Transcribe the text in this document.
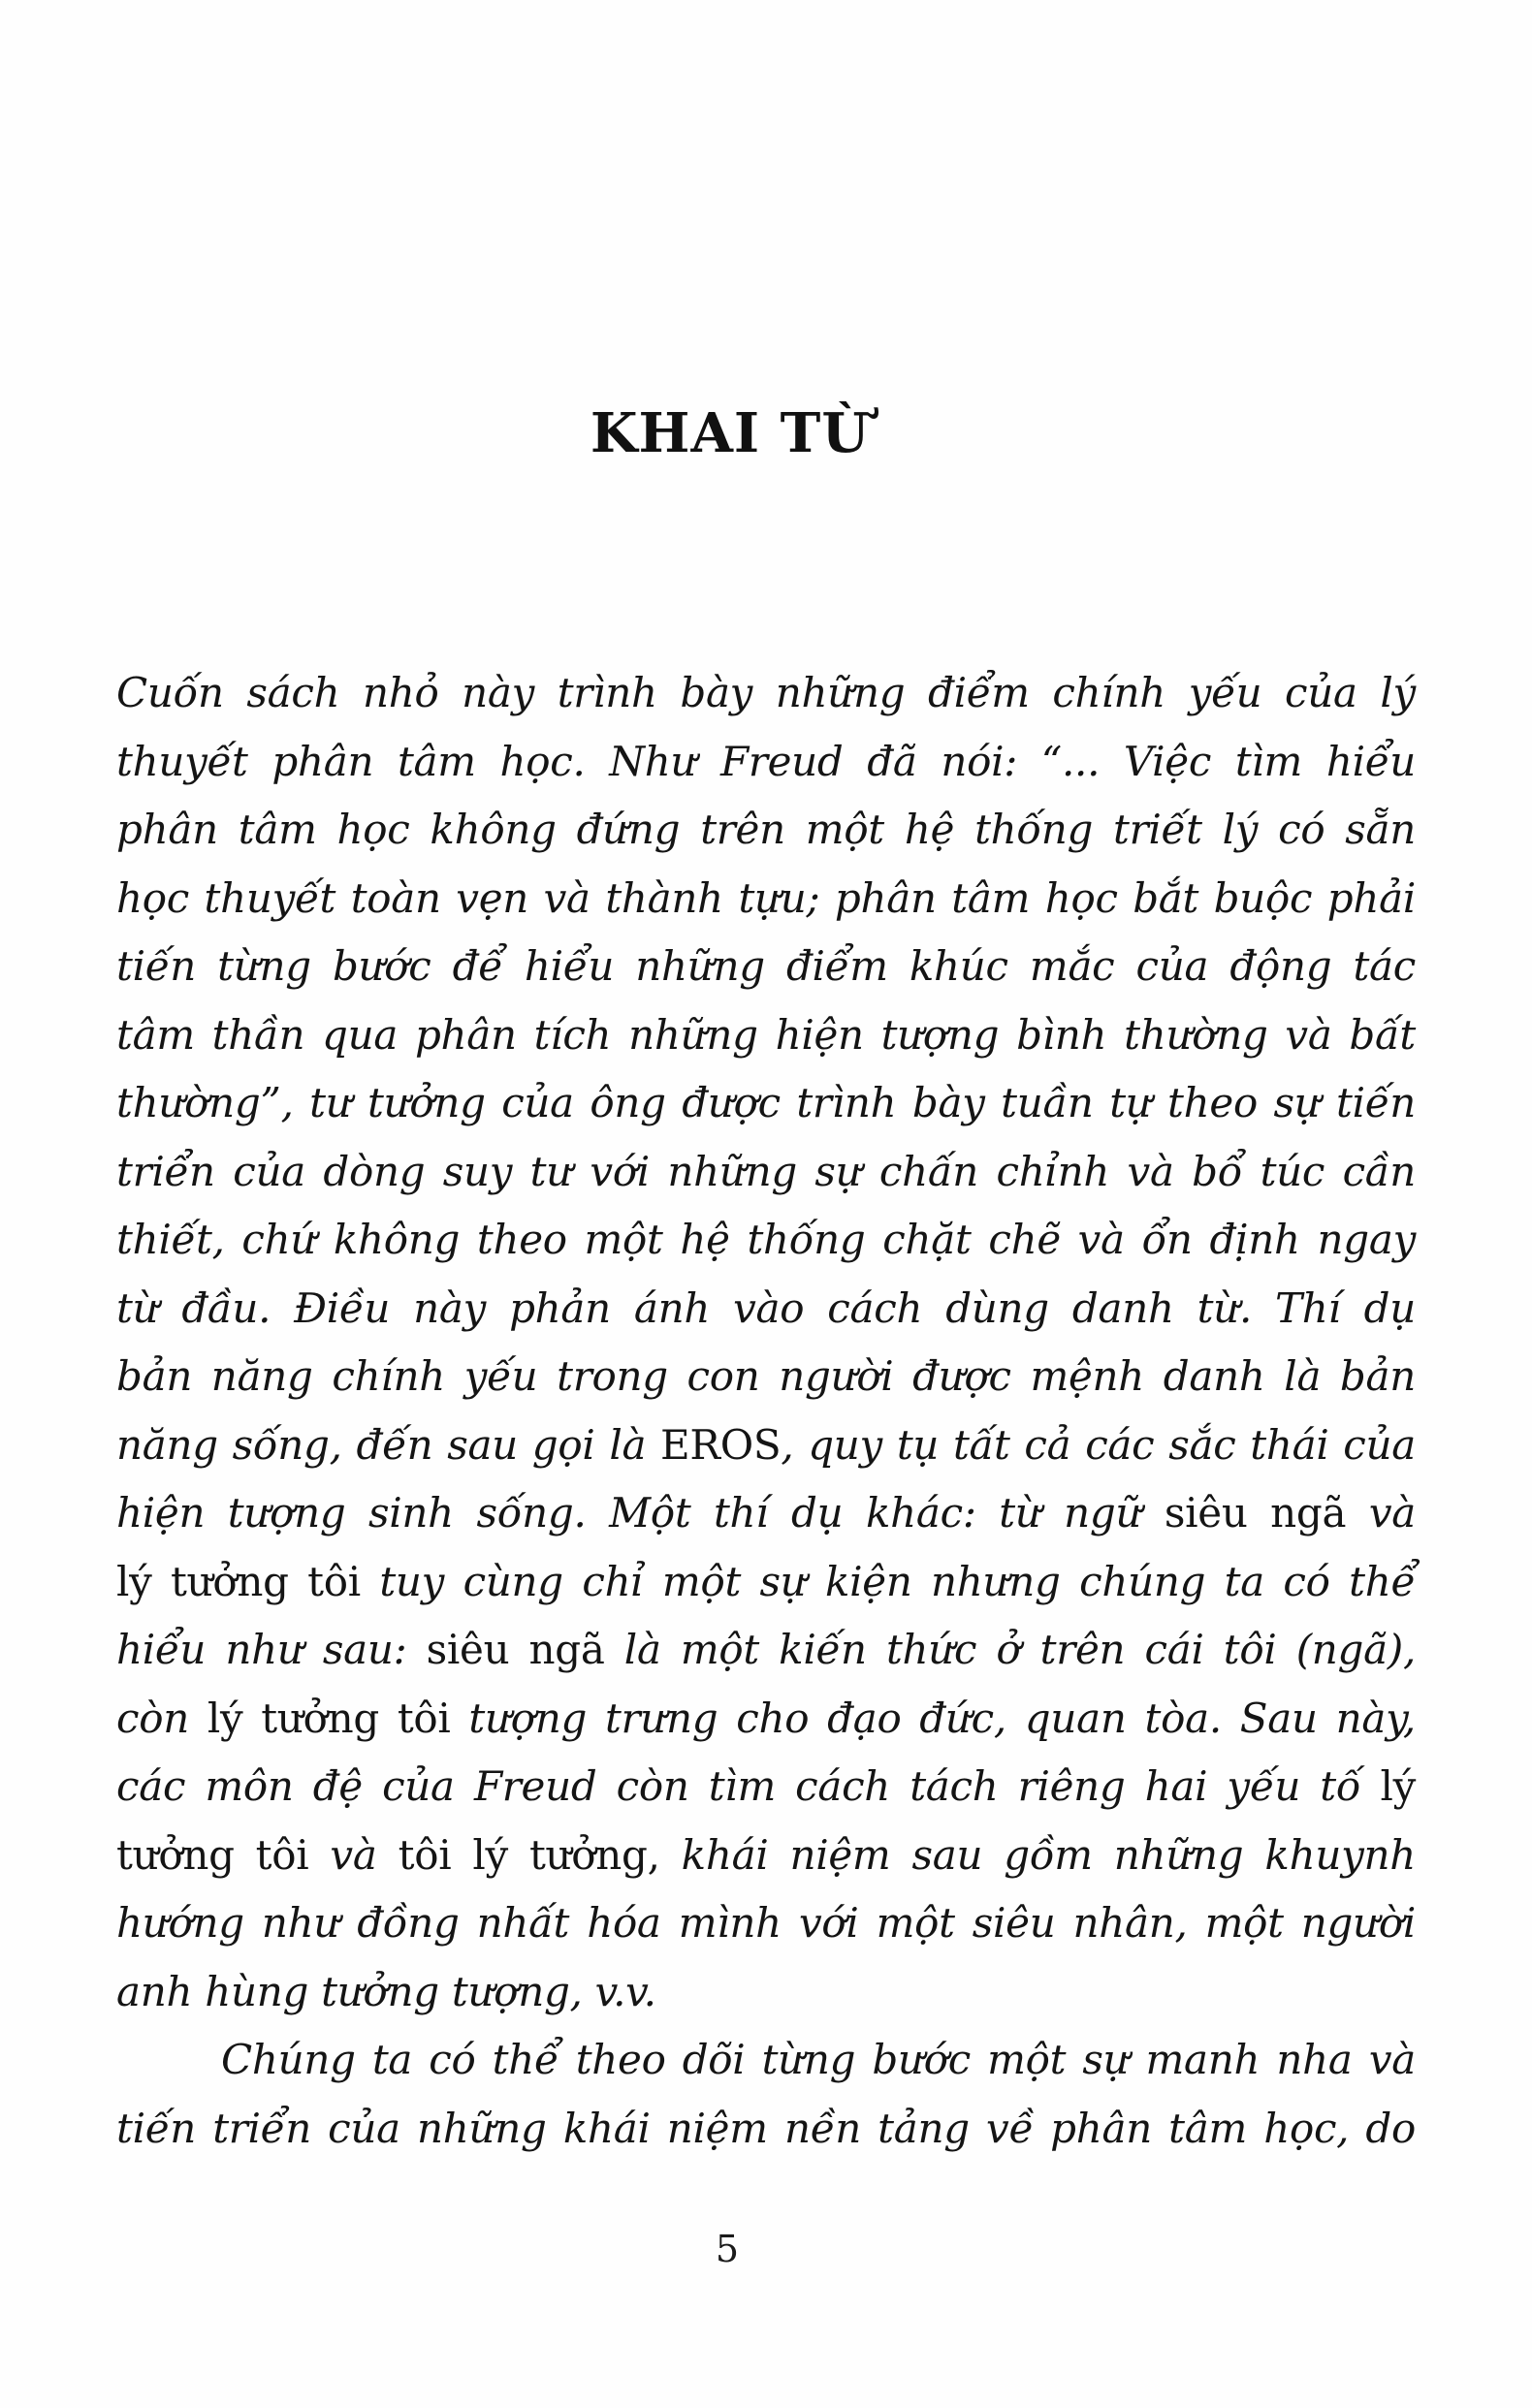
KHAI TỪ
Cuốn sách nhỏ này trình bày những điểm chính yếu của lý
thuyết phân tâm học. Như Freud đã nói: “... Việc tìm hiểu
phân tâm học không đứng trên một hệ thống triết lý có sẵn
học thuyết toàn vẹn và thành tựu; phân tâm học bắt buộc phải
tiến từng bước để hiểu những điểm khúc mắc của động tác
tâm thần qua phân tích những hiện tượng bình thường và bất
thường”, tư tưởng của ông được trình bày tuần tự theo sự tiến
triển của dòng suy tư với những sự chấn chỉnh và bổ túc cần
thiết, chứ không theo một hệ thống chặt chẽ và ổn định ngay
từ đầu. Điều này phản ánh vào cách dùng danh từ. Thí dụ
bản năng chính yếu trong con người được mệnh danh là bản
năng sống, đến sau gọi là EROS, quy tụ tất cả các sắc thái của
hiện tượng sinh sống. Một thí dụ khác: từ ngữ siêu ngã và
lý tưởng tôi tuy cùng chỉ một sự kiện nhưng chúng ta có thể
hiểu như sau: siêu ngã là một kiến thức ở trên cái tôi (ngã),
còn lý tưởng tôi tượng trưng cho đạo đức, quan tòa. Sau này,
các môn đệ của Freud còn tìm cách tách riêng hai yếu tố lý
tưởng tôi và tôi lý tưởng, khái niệm sau gồm những khuynh
hướng như đồng nhất hóa mình với một siêu nhân, một người
anh hùng tưởng tượng, v.v.
Chúng ta có thể theo dõi từng bước một sự manh nha và
tiến triển của những khái niệm nền tảng về phân tâm học, do
5
